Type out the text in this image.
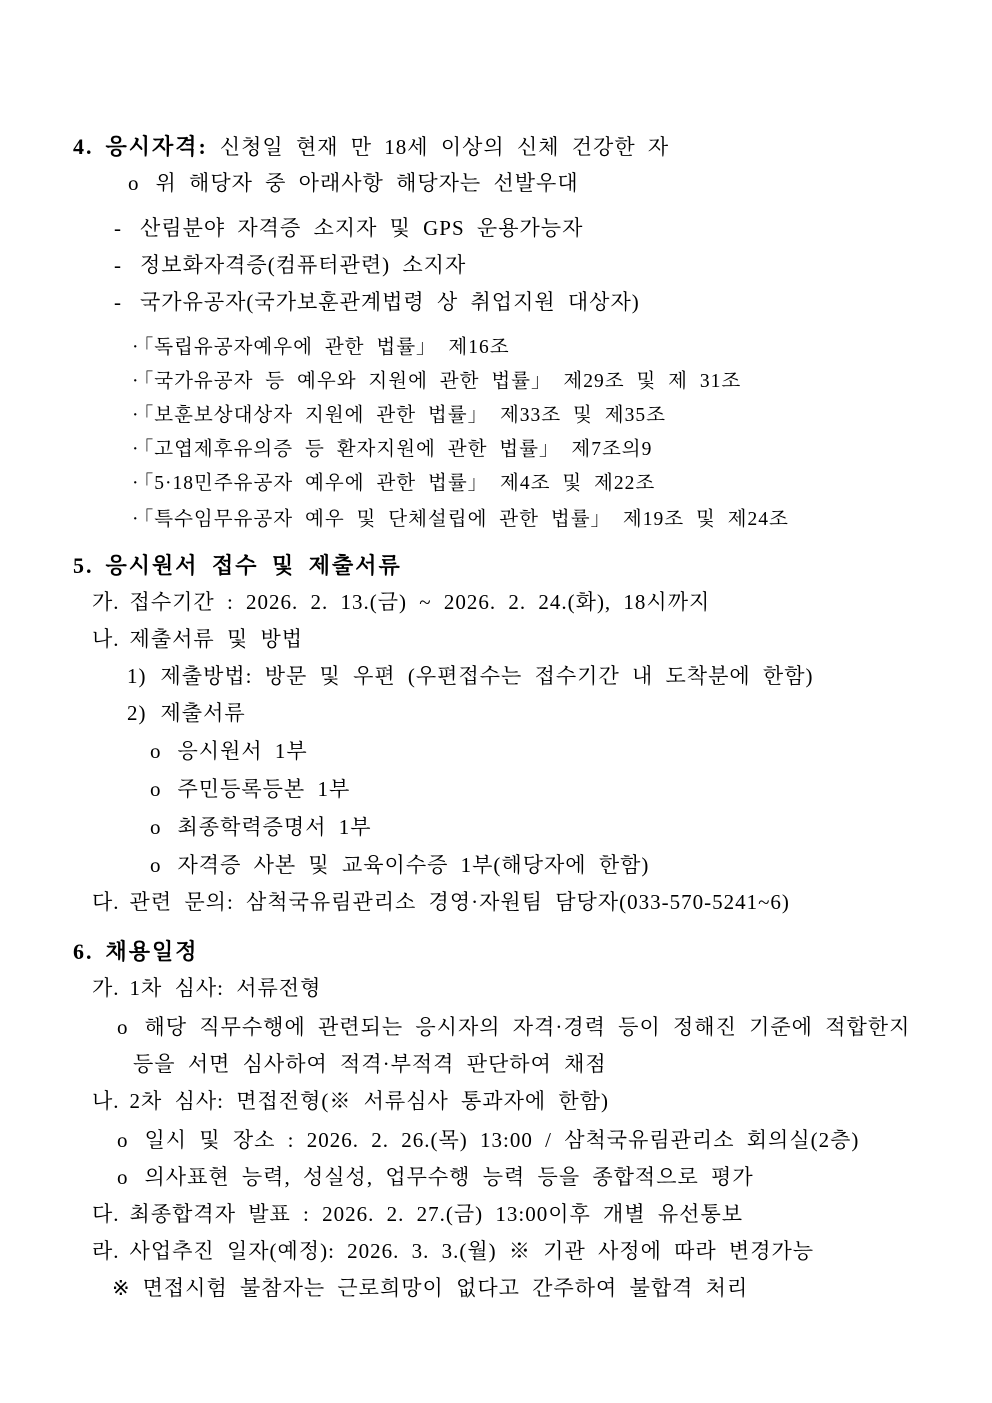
4. 응시자격: 신청일 현재 만 18세 이상의 신체 건강한 자
o 위 해당자 중 아래사항 해당자는 선발우대
- 산림분야 자격증 소지자 및 GPS 운용가능자
- 정보화자격증(컴퓨터관련) 소지자
- 국가유공자(국가보훈관계법령 상 취업지원 대상자)
· 「독립유공자예우에 관한 법률」 제16조
· 「국가유공자 등 예우와 지원에 관한 법률」 제29조 및 제 31조
· 「보훈보상대상자 지원에 관한 법률」 제33조 및 제35조
· 「고엽제후유의증 등 환자지원에 관한 법률」 제7조의9
· 「5·18민주유공자 예우에 관한 법률」 제4조 및 제22조
· 「특수임무유공자 예우 및 단체설립에 관한 법률」 제19조 및 제24조
5. 응시원서 접수 및 제출서류
가. 접수기간 : 2026. 2. 13.(금) ~ 2026. 2. 24.(화), 18시까지
나. 제출서류 및 방법
1) 제출방법: 방문 및 우편 (우편접수는 접수기간 내 도착분에 한함)
2) 제출서류
o 응시원서 1부
o 주민등록등본 1부
o 최종학력증명서 1부
o 자격증 사본 및 교육이수증 1부(해당자에 한함)
다. 관련 문의: 삼척국유림관리소 경영·자원팀 담당자(033-570-5241~6)
6. 채용일정
가. 1차 심사: 서류전형
o 해당 직무수행에 관련되는 응시자의 자격·경력 등이 정해진 기준에 적합한지
등을 서면 심사하여 적격·부적격 판단하여 채점
나. 2차 심사: 면접전형(※ 서류심사 통과자에 한함)
o 일시 및 장소 : 2026. 2. 26.(목) 13:00 / 삼척국유림관리소 회의실(2층)
o 의사표현 능력, 성실성, 업무수행 능력 등을 종합적으로 평가
다. 최종합격자 발표 : 2026. 2. 27.(금) 13:00이후 개별 유선통보
라. 사업추진 일자(예정): 2026. 3. 3.(월) ※ 기관 사정에 따라 변경가능
※ 면접시험 불참자는 근로희망이 없다고 간주하여 불합격 처리
